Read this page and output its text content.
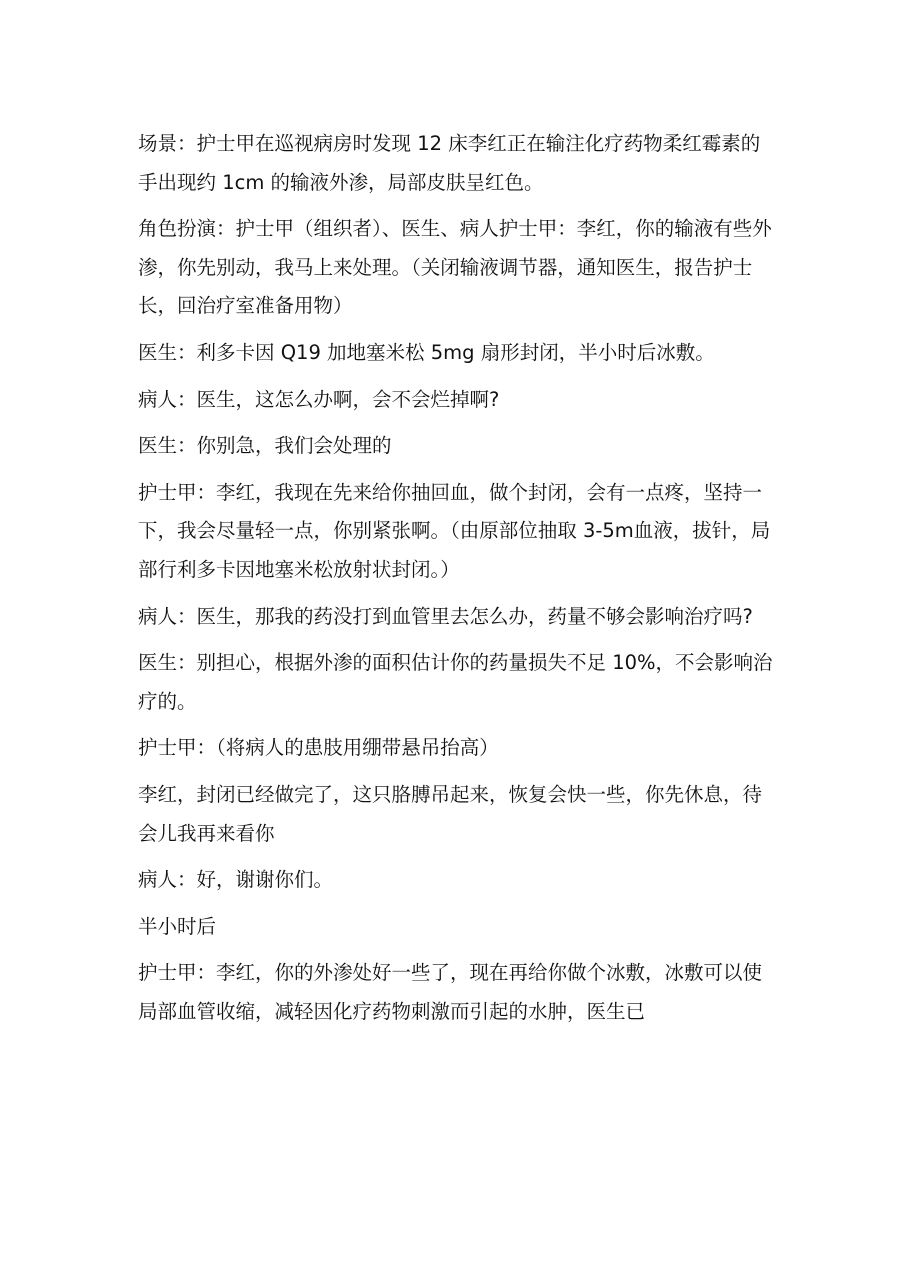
场景：护士甲在巡视病房时发现 12 床李红正在输注化疗药物柔红霉素的手出现约 1cm 的输液外渗，局部皮肤呈红色。

角色扮演：护士甲（组织者）、医生、病人护士甲：李红，你的输液有些外渗，你先别动，我马上来处理。（关闭输液调节器，通知医生，报告护士长，回治疗室准备用物）

医生：利多卡因 Q19 加地塞米松 5mg 扇形封闭，半小时后冰敷。

病人：医生，这怎么办啊，会不会烂掉啊?

医生：你别急，我们会处理的

护士甲：李红，我现在先来给你抽回血，做个封闭，会有一点疼，坚持一下，我会尽量轻一点，你别紧张啊。（由原部位抽取 3-5m血液，拔针，局部行利多卡因地塞米松放射状封闭。）

病人：医生，那我的药没打到血管里去怎么办，药量不够会影响治疗吗?

医生：别担心，根据外渗的面积估计你的药量损失不足 10%，不会影响治疗的。

护士甲：（将病人的患肢用绷带悬吊抬高）

李红，封闭已经做完了，这只胳膊吊起来，恢复会快一些，你先休息，待会儿我再来看你

病人：好，谢谢你们。

半小时后

护士甲：李红，你的外渗处好一些了，现在再给你做个冰敷，冰敷可以使局部血管收缩，减轻因化疗药物刺激而引起的水肿，医生已
